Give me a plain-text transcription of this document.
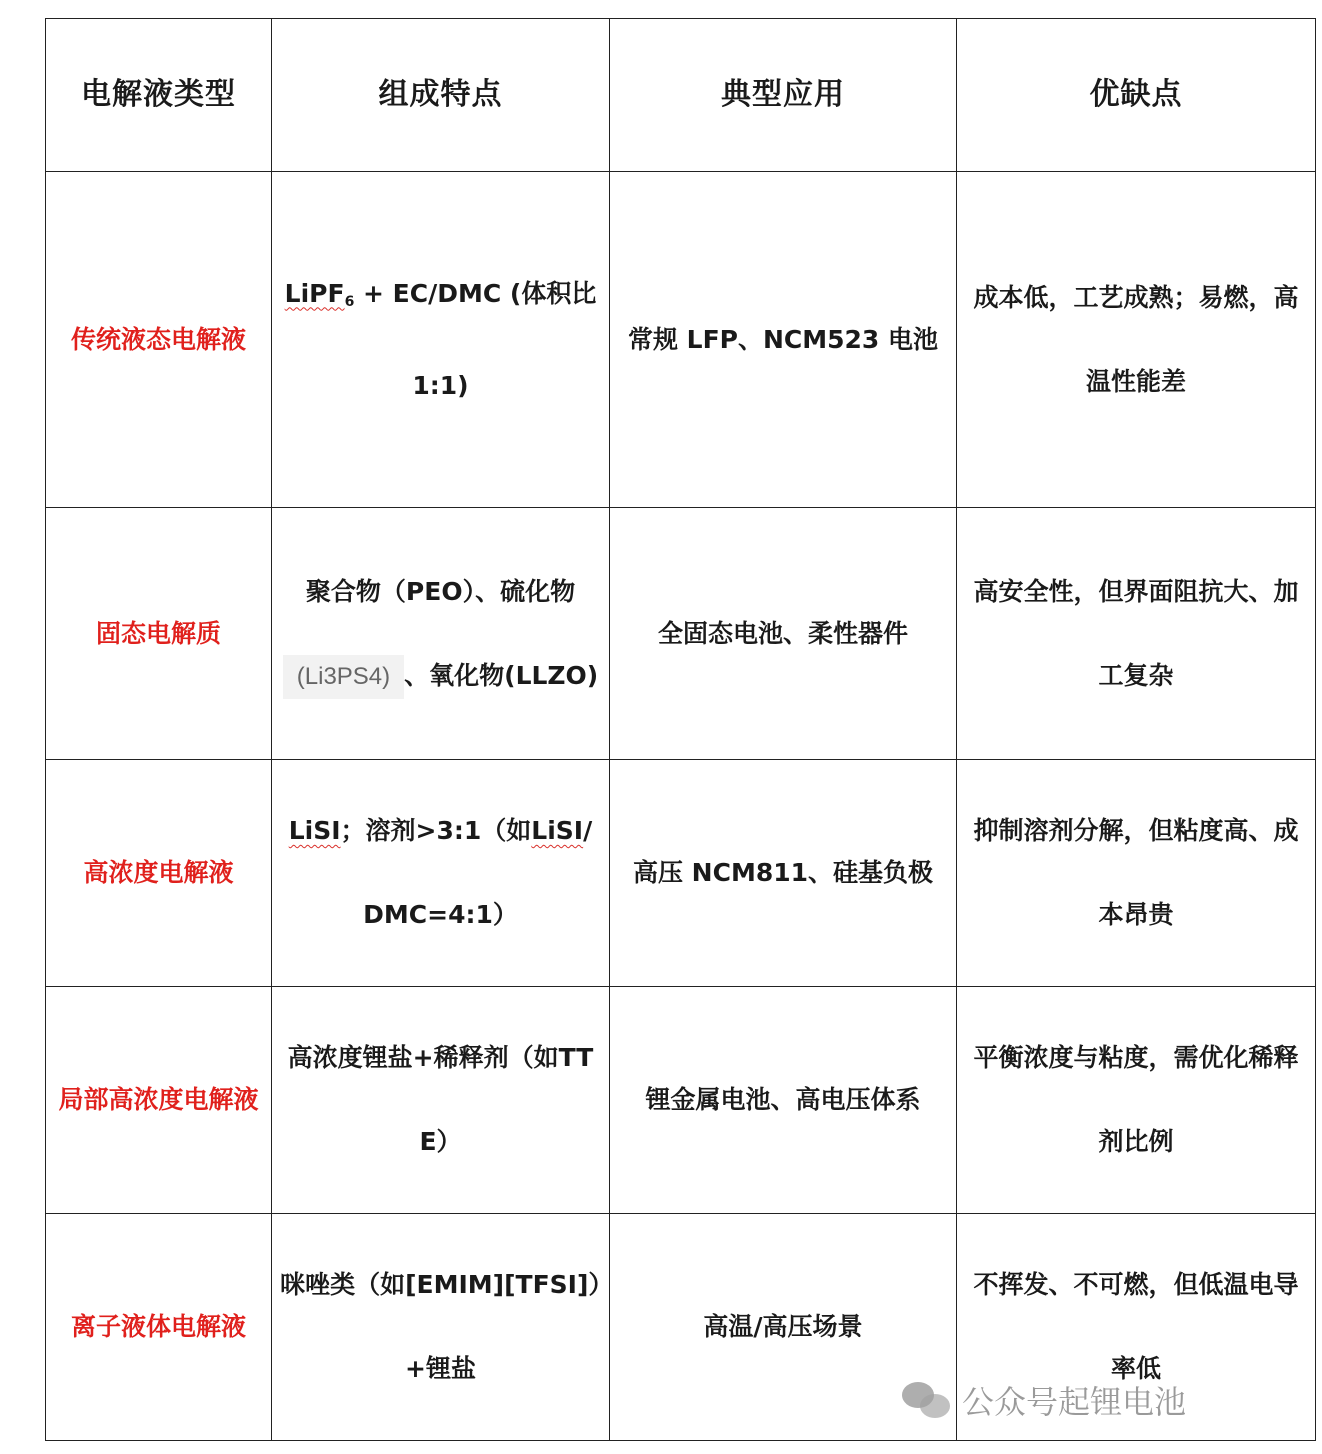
电解液类型	组成特点	典型应用	优缺点
传统液态电解液	LiPF$_6$ + EC/DMC (体积比 1:1)	常规 LFP、NCM523 电池	成本低，工艺成熟；易燃，高温性能差
固态电解质	聚合物（PEO）、硫化物(Li3PS4) 、氧化物(LLZO)	全固态电池、柔性器件	高安全性，但界面阻抗大、加工复杂
高浓度电解液	LiSI；溶剂>3:1（如LiSI/DMC=4:1）	高压 NCM811、硅基负极	抑制溶剂分解，但粘度高、成本昂贵
局部高浓度电解液	高浓度锂盐+稀释剂（如TTE）	锂金属电池、高电压体系	平衡浓度与粘度，需优化稀释剂比例
离子液体电解液	咪唑类（如[EMIM][TFSI]）+锂盐	高温/高压场景	不挥发、不可燃，但低温电导率低
公众号起锂电池
